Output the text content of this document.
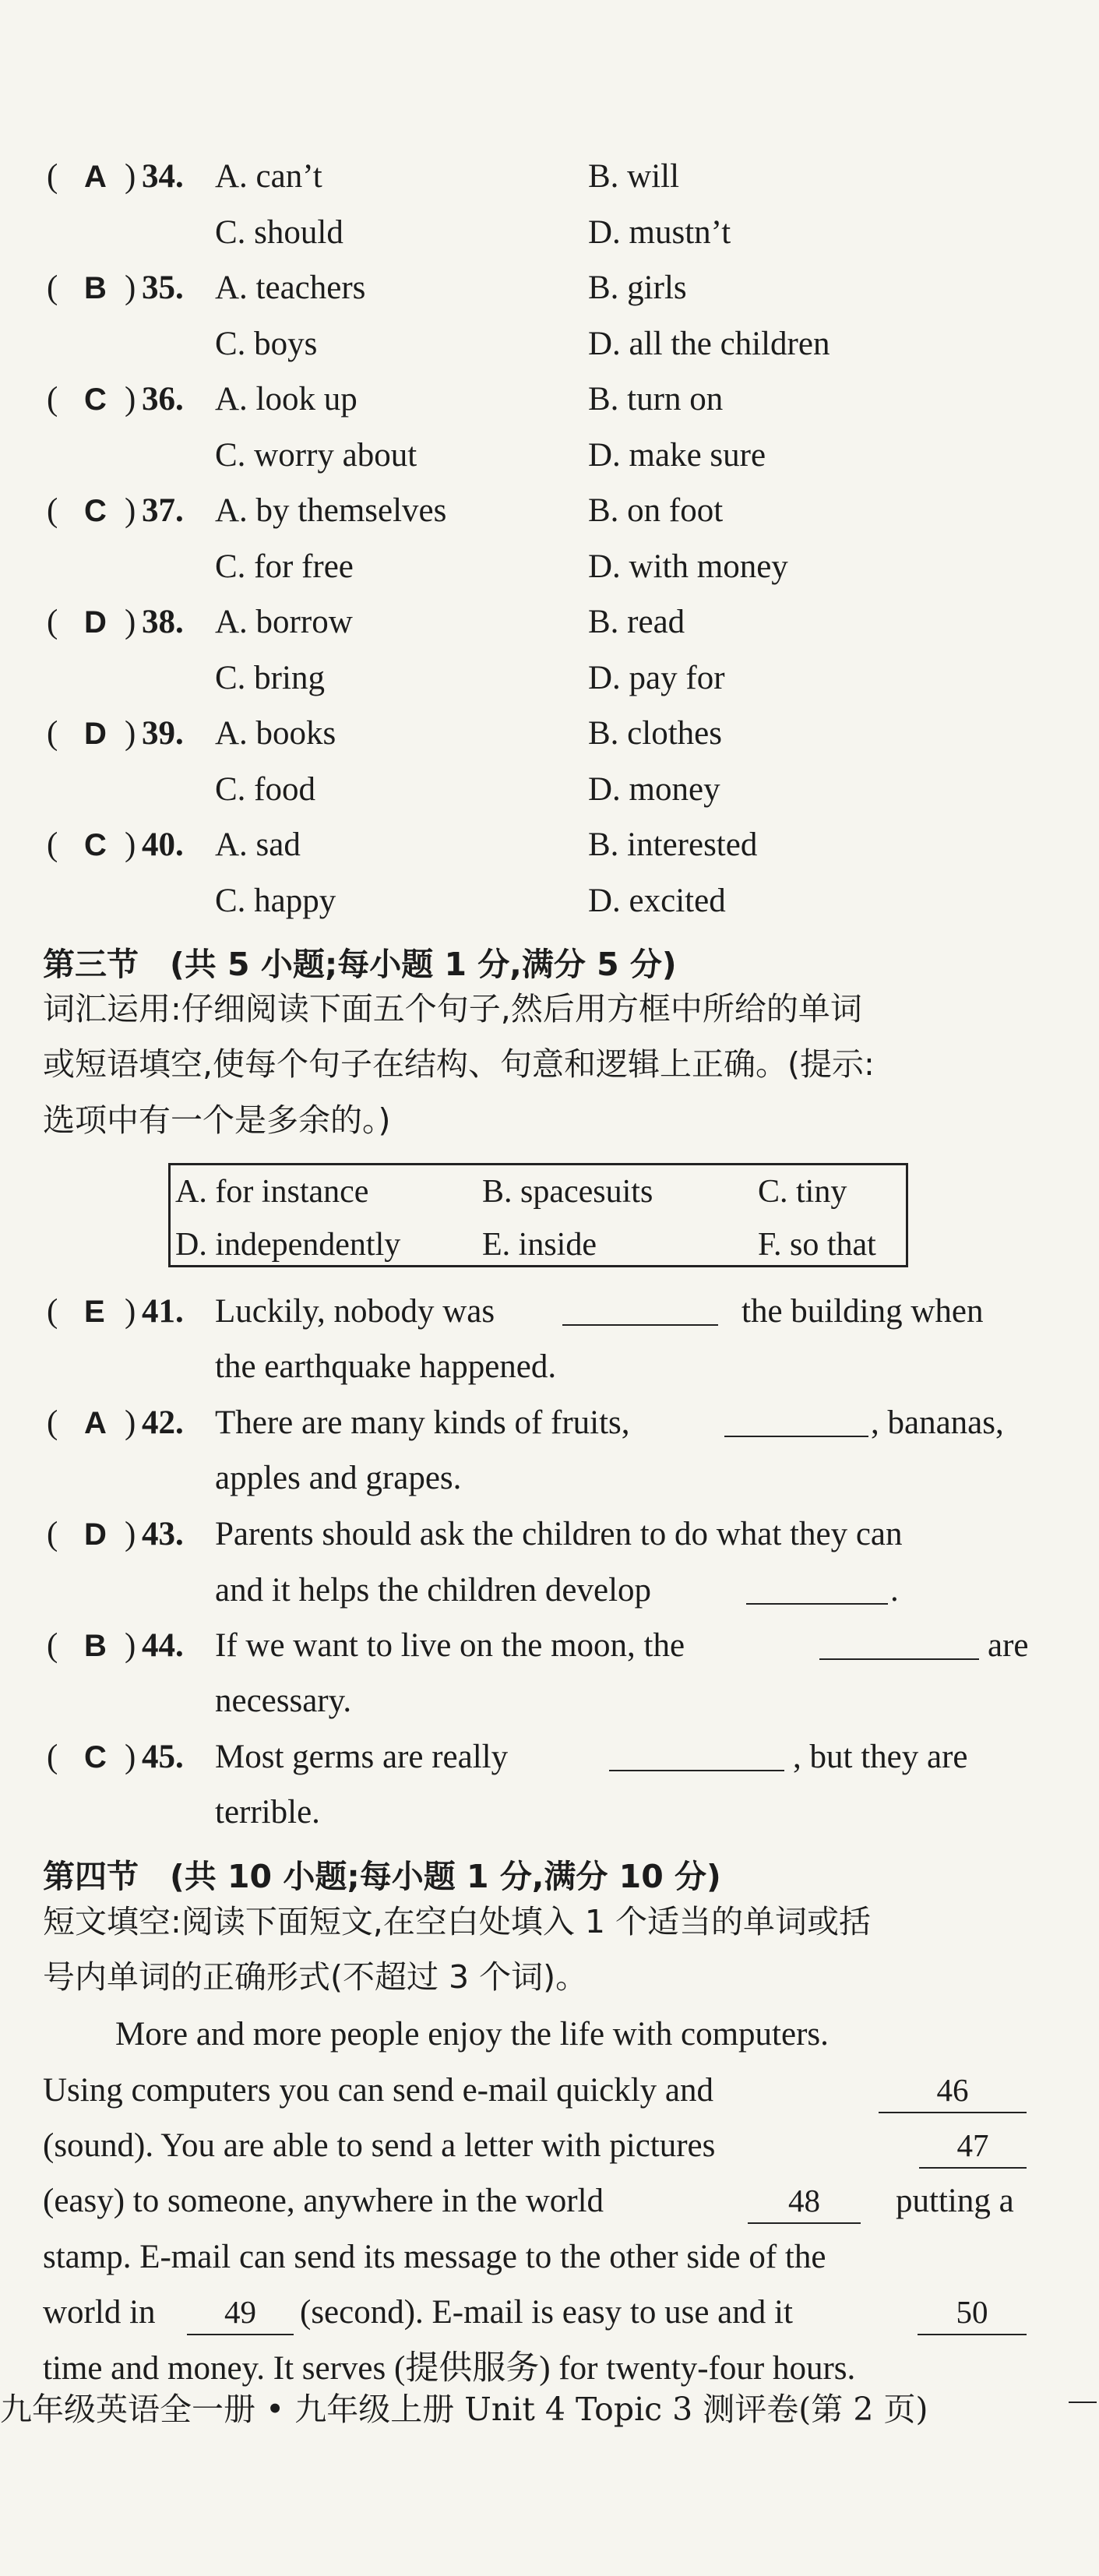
( A ) 34. A. can’t	B. will
C. should	D. mustn’t
( B ) 35. A. teachers	B. girls
C. boys	D. all the children
( C ) 36. A. look up	B. turn on
C. worry about	D. make sure
( C ) 37. A. by themselves	B. on foot
C. for free	D. with money
( D ) 38. A. borrow	B. read
C. bring	D. pay for
( D ) 39. A. books	B. clothes
C. food	D. money
( C ) 40. A. sad	B. interested
C. happy	D. excited
第三节 (共 5 小题;每小题 1 分,满分 5 分)
词汇运用:仔细阅读下面五个句子,然后用方框中所给的单词
或短语填空,使每个句子在结构、句意和逻辑上正确。(提示:
选项中有一个是多余的。)
A. for instance	B. spacesuits	C. tiny
D. independently E. inside	F. so that
( E ) 41. Luckily, nobody was	the building when
the earthquake happened.
( A ) 42. There are many kinds of fruits,	, bananas,
apples and grapes.
( D ) 43. Parents should ask the children to do what they can
and it helps the children develop	.
( B ) 44. If we want to live on the moon, the	are
necessary.
( C ) 45. Most germs are really	, but they are
terrible.
第四节 (共 10 小题;每小题 1 分,满分 10 分)
短文填空:阅读下面短文,在空白处填入 1 个适当的单词或括
号内单词的正确形式(不超过 3 个词)。
More and more people enjoy the life with computers.
Using computers you can send e-mail quickly and	46
(sound). You are able to send a letter with pictures	47
(easy) to someone, anywhere in the world	putting a
48
stamp. E-mail can send its message to the other side of the
world in	(second). E-mail is easy to use and it
49	50
time and money. It serves (提供服务) for twenty-four hours.
九年级英语全一册 • 九年级上册 Unit 4 Topic 3 测评卷(第 2 页)
